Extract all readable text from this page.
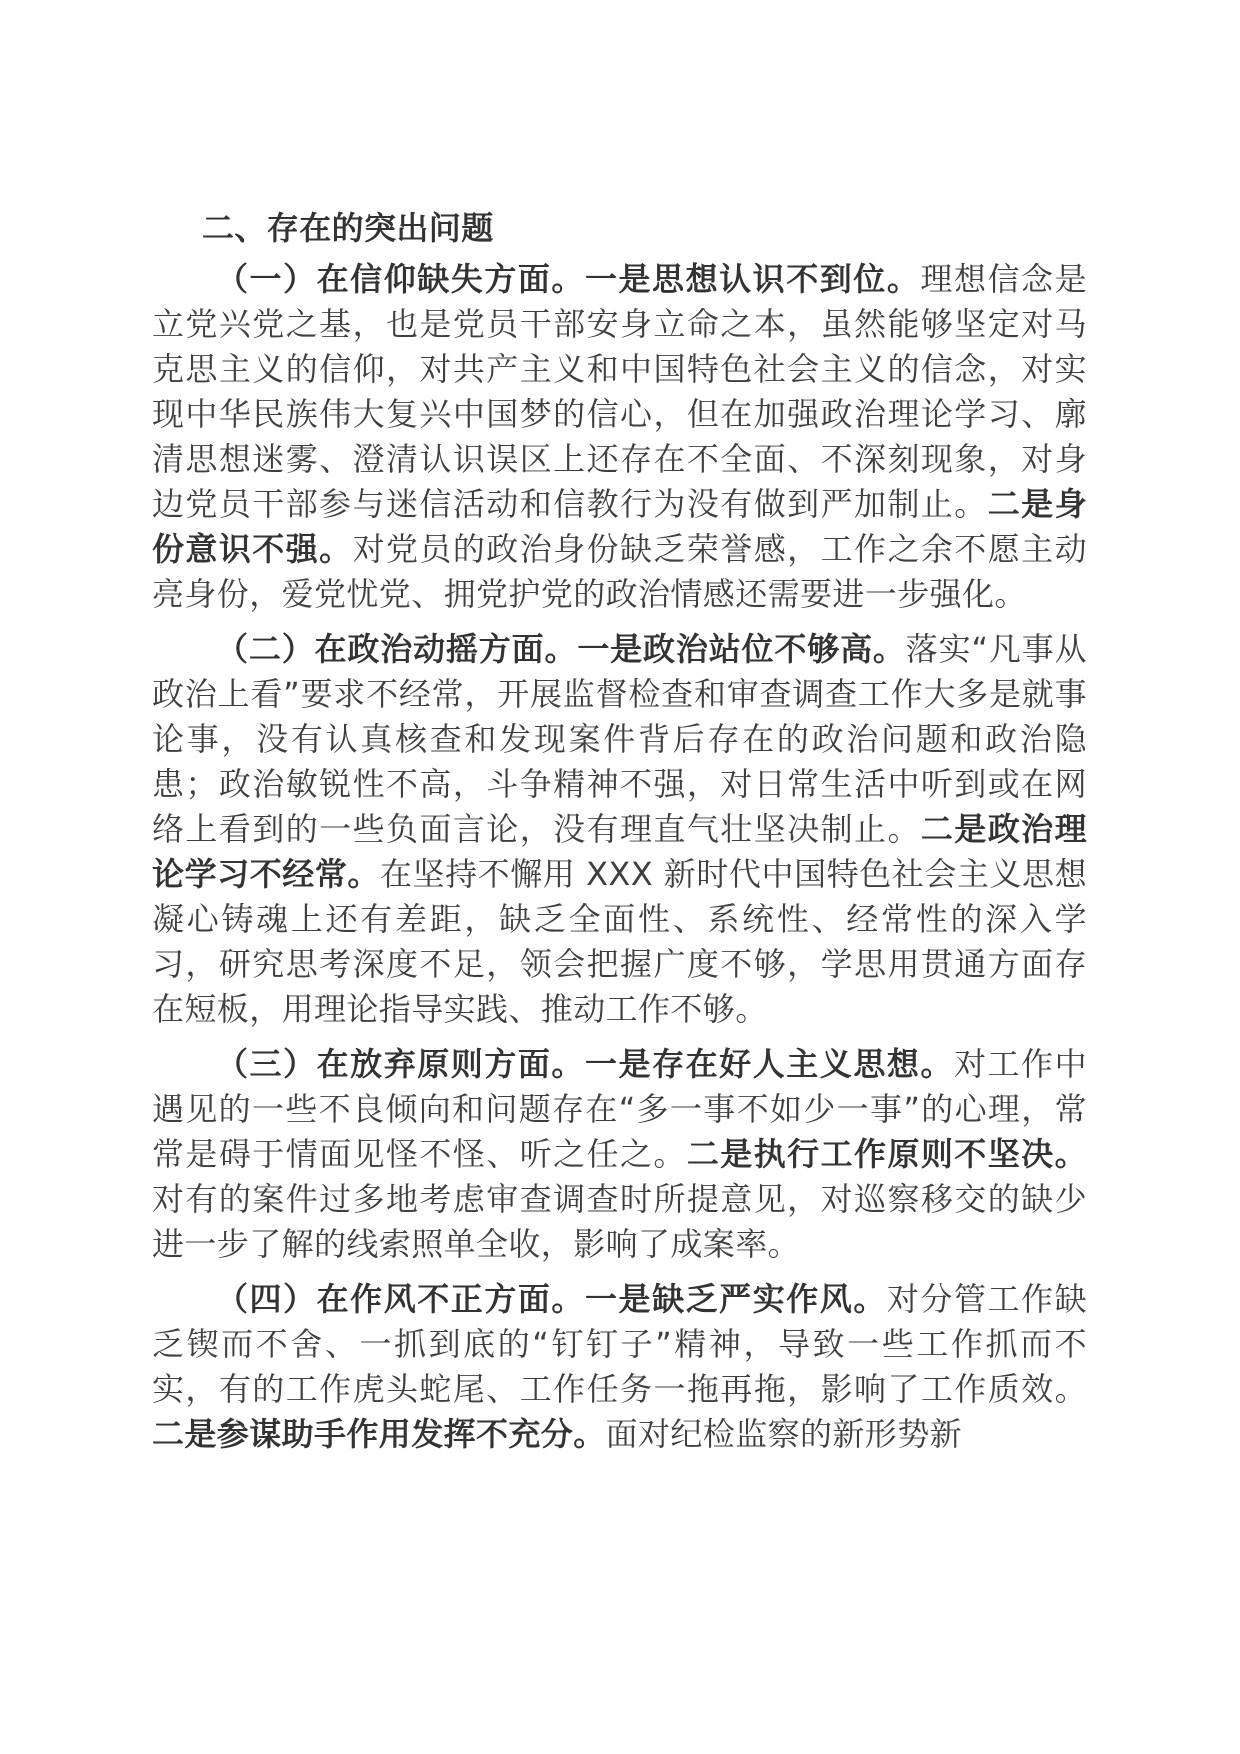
二、存在的突出问题

（一）在信仰缺失方面。一是思想认识不到位。理想信念是立党兴党之基，也是党员干部安身立命之本，虽然能够坚定对马克思主义的信仰，对共产主义和中国特色社会主义的信念，对实现中华民族伟大复兴中国梦的信心，但在加强政治理论学习、廓清思想迷雾、澄清认识误区上还存在不全面、不深刻现象，对身边党员干部参与迷信活动和信教行为没有做到严加制止。二是身份意识不强。对党员的政治身份缺乏荣誉感，工作之余不愿主动亮身份，爱党忧党、拥党护党的政治情感还需要进一步强化。

（二）在政治动摇方面。一是政治站位不够高。落实“凡事从政治上看”要求不经常，开展监督检查和审查调查工作大多是就事论事，没有认真核查和发现案件背后存在的政治问题和政治隐患；政治敏锐性不高，斗争精神不强，对日常生活中听到或在网络上看到的一些负面言论，没有理直气壮坚决制止。二是政治理论学习不经常。在坚持不懈用 XXX 新时代中国特色社会主义思想凝心铸魂上还有差距，缺乏全面性、系统性、经常性的深入学习，研究思考深度不足，领会把握广度不够，学思用贯通方面存在短板，用理论指导实践、推动工作不够。

（三）在放弃原则方面。一是存在好人主义思想。对工作中遇见的一些不良倾向和问题存在“多一事不如少一事”的心理，常常是碍于情面见怪不怪、听之任之。二是执行工作原则不坚决。对有的案件过多地考虑审查调查时所提意见，对巡察移交的缺少进一步了解的线索照单全收，影响了成案率。

（四）在作风不正方面。一是缺乏严实作风。对分管工作缺乏锲而不舍、一抓到底的“钉钉子”精神，导致一些工作抓而不实，有的工作虎头蛇尾、工作任务一拖再拖，影响了工作质效。二是参谋助手作用发挥不充分。面对纪检监察的新形势新
